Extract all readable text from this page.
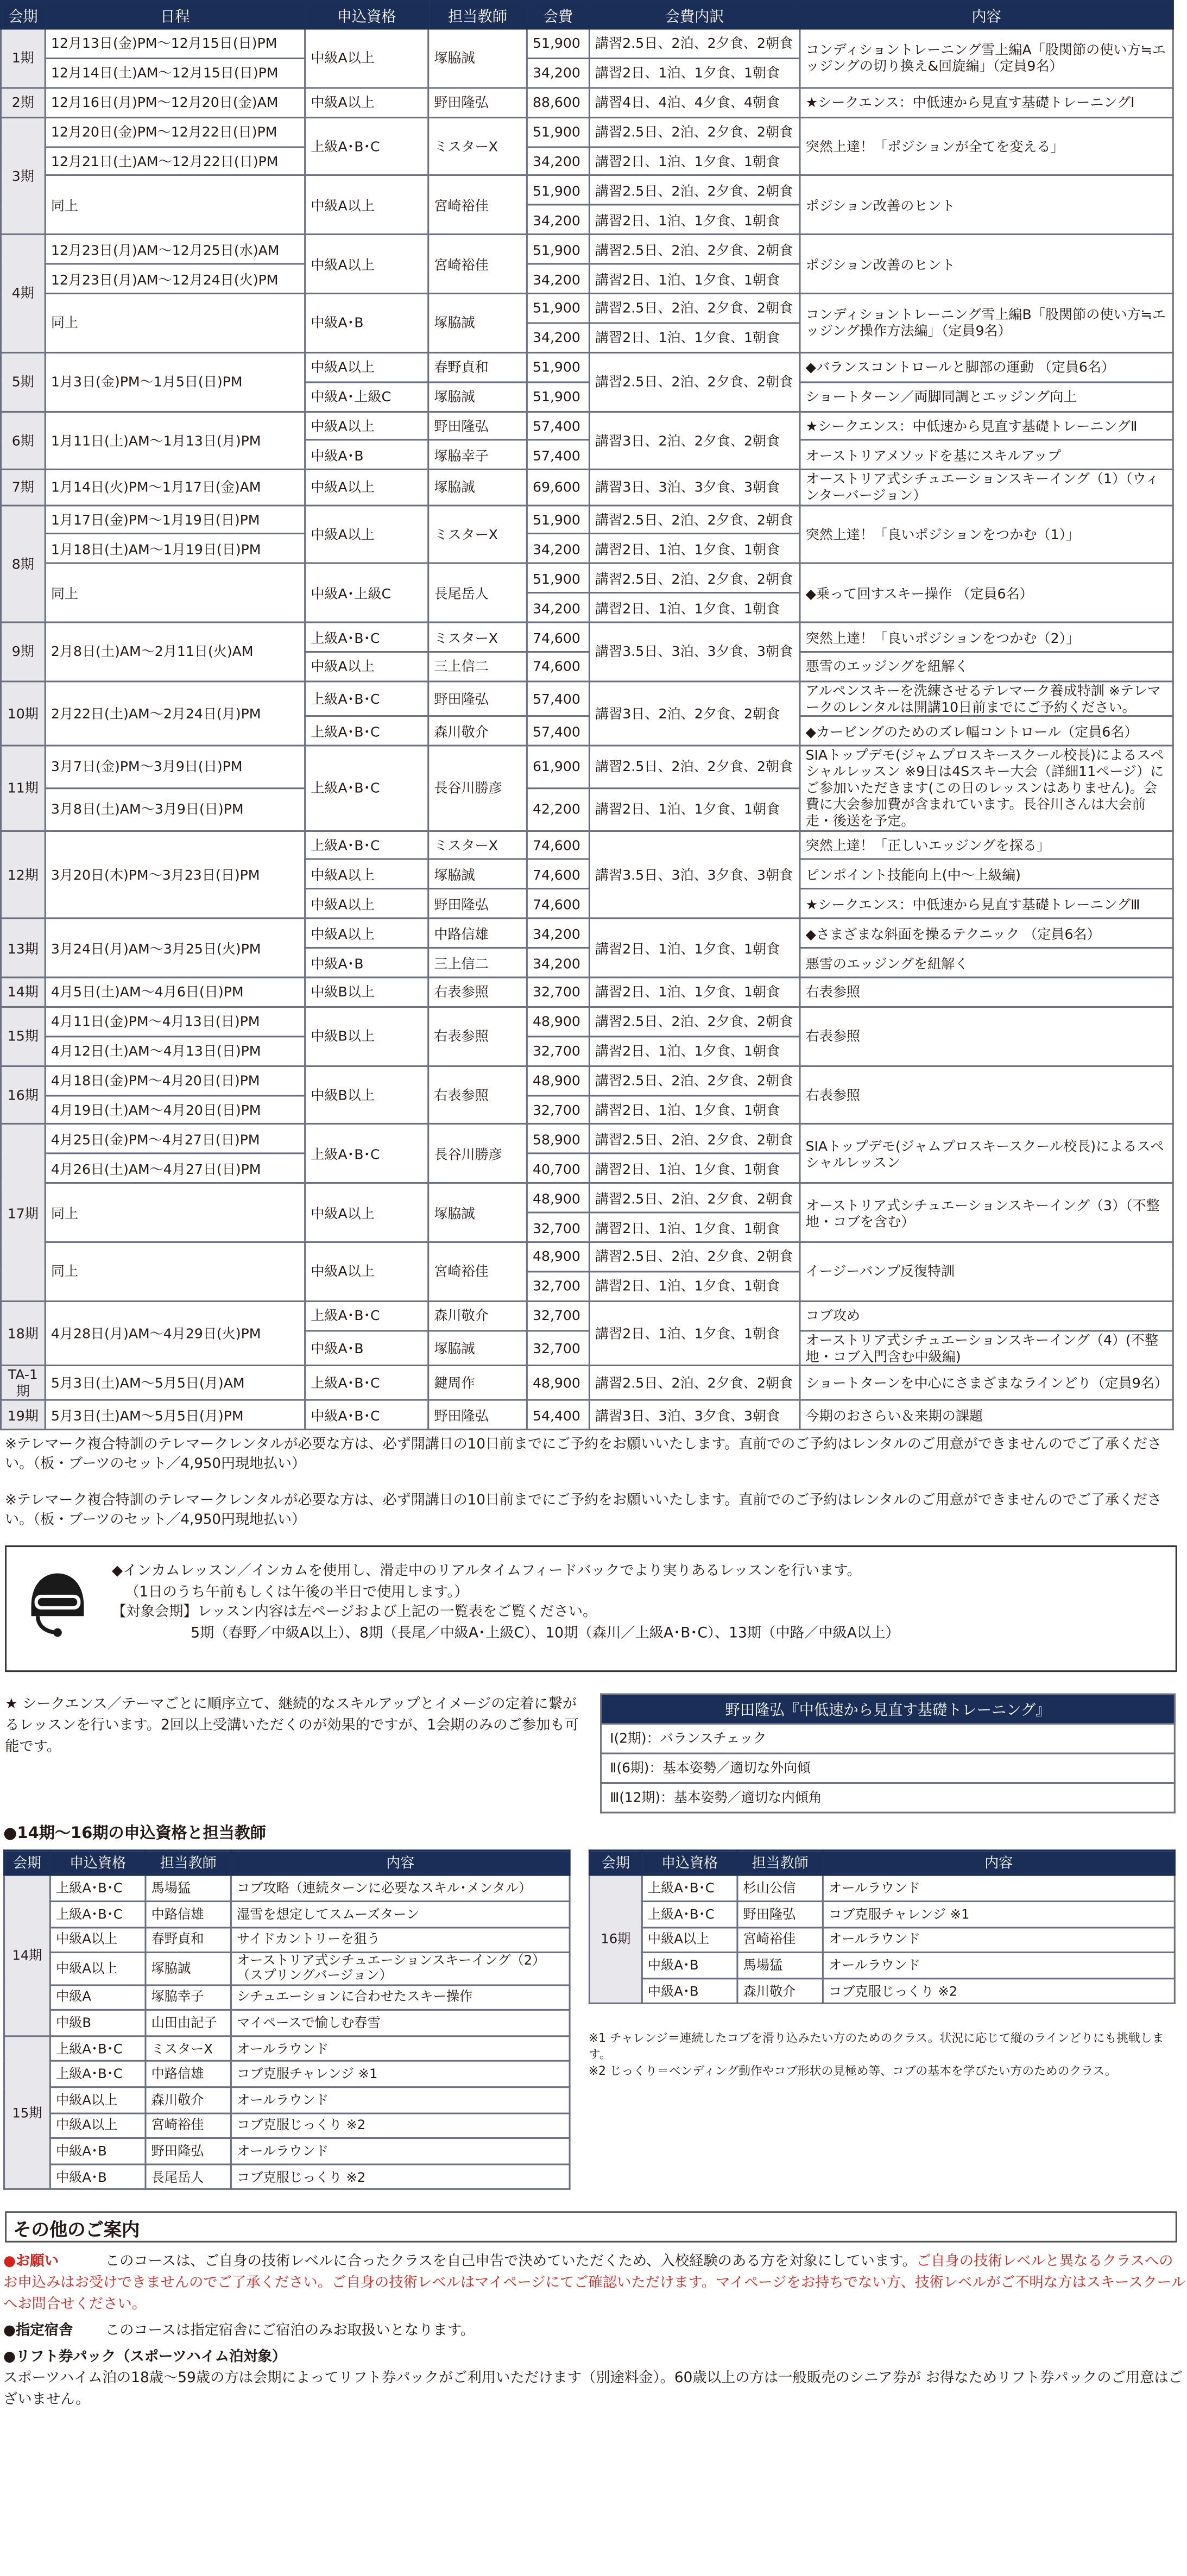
会期	日程	申込資格	担当教師	会費	会費内訳	内容
1期	12月13日(金)PM～12月15日(日)PM	中級A以上	塚脇誠	51,900	講習2.5日、2泊、2夕食、2朝食	コンディショントレーニング雪上編A「股関節の使い方≒エッジングの切り換え&回旋編」（定員9名）
	12月14日(土)AM～12月15日(日)PM			34,200	講習2日、1泊、1夕食、1朝食	
2期	12月16日(月)PM～12月20日(金)AM	中級A以上	野田隆弘	88,600	講習4日、4泊、4夕食、4朝食	★シークエンス：中低速から見直す基礎トレーニングⅠ
3期	12月20日(金)PM～12月22日(日)PM	上級A･B･C	ミスターX	51,900	講習2.5日、2泊、2夕食、2朝食	突然上達！「ポジションが全てを変える」
	12月21日(土)AM～12月22日(日)PM			34,200	講習2日、1泊、1夕食、1朝食	
	同上	中級A以上	宮崎裕佳	51,900	講習2.5日、2泊、2夕食、2朝食	ポジション改善のヒント
				34,200	講習2日、1泊、1夕食、1朝食	
4期	12月23日(月)AM～12月25日(水)AM	中級A以上	宮崎裕佳	51,900	講習2.5日、2泊、2夕食、2朝食	ポジション改善のヒント
	12月23日(月)AM～12月24日(火)PM			34,200	講習2日、1泊、1夕食、1朝食	
	同上	中級A･B	塚脇誠	51,900	講習2.5日、2泊、2夕食、2朝食	コンディショントレーニング雪上編B「股関節の使い方≒エッジング操作方法編」（定員9名）
				34,200	講習2日、1泊、1夕食、1朝食	
5期	1月3日(金)PM～1月5日(日)PM	中級A以上	春野貞和	51,900	講習2.5日、2泊、2夕食、2朝食	◆バランスコントロールと脚部の運動 （定員6名）
		中級A･上級C	塚脇誠	51,900		ショートターン／両脚同調とエッジング向上
6期	1月11日(土)AM～1月13日(月)PM	中級A以上	野田隆弘	57,400	講習3日、2泊、2夕食、2朝食	★シークエンス：中低速から見直す基礎トレーニングⅡ
		中級A･B	塚脇幸子	57,400		オーストリアメソッドを基にスキルアップ
7期	1月14日(火)PM～1月17日(金)AM	中級A以上	塚脇誠	69,600	講習3日、3泊、3夕食、3朝食	オーストリア式シチュエーションスキーイング（1）（ウィンターバージョン）
8期	1月17日(金)PM～1月19日(日)PM	中級A以上	ミスターX	51,900	講習2.5日、2泊、2夕食、2朝食	突然上達！「良いポジションをつかむ（1）」
	1月18日(土)AM～1月19日(日)PM			34,200	講習2日、1泊、1夕食、1朝食	
	同上	中級A･上級C	長尾岳人	51,900	講習2.5日、2泊、2夕食、2朝食	◆乗って回すスキー操作 （定員6名）
				34,200	講習2日、1泊、1夕食、1朝食	
9期	2月8日(土)AM～2月11日(火)AM	上級A･B･C	ミスターX	74,600	講習3.5日、3泊、3夕食、3朝食	突然上達！「良いポジションをつかむ（2）」
		中級A以上	三上信二	74,600		悪雪のエッジングを紐解く
10期	2月22日(土)AM～2月24日(月)PM	上級A･B･C	野田隆弘	57,400	講習3日、2泊、2夕食、2朝食	アルペンスキーを洗練させるテレマーク養成特訓 ※テレマークのレンタルは開講10日前までにご予約ください。
		上級A･B･C	森川敬介	57,400		◆カービングのためのズレ幅コントロール（定員6名）
11期	3月7日(金)PM～3月9日(日)PM	上級A･B･C	長谷川勝彦	61,900	講習2.5日、2泊、2夕食、2朝食	SIAトップデモ(ジャムプロスキースクール校長)によるスペシャルレッスン ※9日は4Sスキー大会（詳細11ページ）にご参加いただきます(この日のレッスンはありません)。会費に大会参加費が含まれています。長谷川さんは大会前走・後送を予定。
	3月8日(土)AM～3月9日(日)PM			42,200	講習2日、1泊、1夕食、1朝食	
12期	3月20日(木)PM～3月23日(日)PM	上級A･B･C	ミスターX	74,600	講習3.5日、3泊、3夕食、3朝食	突然上達！「正しいエッジングを探る」
		中級A以上	塚脇誠	74,600		ピンポイント技能向上(中～上級編)
		中級A以上	野田隆弘	74,600		★シークエンス：中低速から見直す基礎トレーニングⅢ
13期	3月24日(月)AM～3月25日(火)PM	中級A以上	中路信雄	34,200	講習2日、1泊、1夕食、1朝食	◆さまざまな斜面を操るテクニック （定員6名）
		中級A･B	三上信二	34,200		悪雪のエッジングを紐解く
14期	4月5日(土)AM～4月6日(日)PM	中級B以上	右表参照	32,700	講習2日、1泊、1夕食、1朝食	右表参照
15期	4月11日(金)PM～4月13日(日)PM	中級B以上	右表参照	48,900	講習2.5日、2泊、2夕食、2朝食	右表参照
	4月12日(土)AM～4月13日(日)PM			32,700	講習2日、1泊、1夕食、1朝食	
16期	4月18日(金)PM～4月20日(日)PM	中級B以上	右表参照	48,900	講習2.5日、2泊、2夕食、2朝食	右表参照
	4月19日(土)AM～4月20日(日)PM			32,700	講習2日、1泊、1夕食、1朝食	
17期	4月25日(金)PM～4月27日(日)PM	上級A･B･C	長谷川勝彦	58,900	講習2.5日、2泊、2夕食、2朝食	SIAトップデモ(ジャムプロスキースクール校長)によるスペシャルレッスン
	4月26日(土)AM～4月27日(日)PM			40,700	講習2日、1泊、1夕食、1朝食	
	同上	中級A以上	塚脇誠	48,900	講習2.5日、2泊、2夕食、2朝食	オーストリア式シチュエーションスキーイング（3）（不整地・コブを含む）
				32,700	講習2日、1泊、1夕食、1朝食	
	同上	中級A以上	宮崎裕佳	48,900	講習2.5日、2泊、2夕食、2朝食	イージーバンプ反復特訓
				32,700	講習2日、1泊、1夕食、1朝食	
18期	4月28日(月)AM～4月29日(火)PM	上級A･B･C	森川敬介	32,700	講習2日、1泊、1夕食、1朝食	コブ攻め
		中級A･B	塚脇誠	32,700		オーストリア式シチュエーションスキーイング（4）(不整地・コブ入門含む中級編)
TA-1期	5月3日(土)AM～5月5日(月)AM	上級A･B･C	鍵周作	48,900	講習2.5日、2泊、2夕食、2朝食	ショートターンを中心にさまざまなラインどり（定員9名）
19期	5月3日(土)AM～5月5日(月)PM	中級A･B･C	野田隆弘	54,400	講習3日、3泊、3夕食、3朝食	今期のおさらい＆来期の課題

※テレマーク複合特訓のテレマークレンタルが必要な方は、必ず開講日の10日前までにご予約をお願いいたします。直前でのご予約はレンタルのご用意ができませんのでご了承ください。（板・ブーツのセット／4,950円現地払い）

※テレマーク複合特訓のテレマークレンタルが必要な方は、必ず開講日の10日前までにご予約をお願いいたします。直前でのご予約はレンタルのご用意ができませんのでご了承ください。（板・ブーツのセット／4,950円現地払い）

◆インカムレッスン／インカムを使用し、滑走中のリアルタイムフィードバックでより実りあるレッスンを行います。
（1日のうち午前もしくは午後の半日で使用します。）
【対象会期】レッスン内容は左ページおよび上記の一覧表をご覧ください。
5期（春野／中級A以上）、8期（長尾／中級A･上級C）、10期（森川／上級A･B･C）、13期（中路／中級A以上）

★ シークエンス／テーマごとに順序立て、継続的なスキルアップとイメージの定着に繋がるレッスンを行います。2回以上受講いただくのが効果的ですが、1会期のみのご参加も可能です。

野田隆弘『中低速から見直す基礎トレーニング』
Ⅰ(2期)：バランスチェック
Ⅱ(6期)：基本姿勢／適切な外向傾
Ⅲ(12期)：基本姿勢／適切な内傾角
●14期～16期の申込資格と担当教師
会期	申込資格	担当教師	内容
14期	上級A･B･C	馬場猛	コブ攻略（連続ターンに必要なスキル･メンタル）
	上級A･B･C	中路信雄	湿雪を想定してスムーズターン
	中級A以上	春野貞和	サイドカントリーを狙う
	中級A以上	塚脇誠	オーストリア式シチュエーションスキーイング（2）（スプリングバージョン）
	中級A	塚脇幸子	シチュエーションに合わせたスキー操作
	中級B	山田由記子	マイペースで愉しむ春雪
15期	上級A･B･C	ミスターX	オールラウンド
	上級A･B･C	中路信雄	コブ克服チャレンジ ※1
	中級A以上	森川敬介	オールラウンド
	中級A以上	宮崎裕佳	コブ克服じっくり ※2
	中級A･B	野田隆弘	オールラウンド
	中級A･B	長尾岳人	コブ克服じっくり ※2
会期	申込資格	担当教師	内容
16期	上級A･B･C	杉山公信	オールラウンド
	上級A･B･C	野田隆弘	コブ克服チャレンジ ※1
	中級A以上	宮崎裕佳	オールラウンド
	中級A･B	馬場猛	オールラウンド
	中級A･B	森川敬介	コブ克服じっくり ※2
※1 チャレンジ＝連続したコブを滑り込みたい方のためのクラス。状況に応じて縦のラインどりにも挑戦します。
※2 じっくり＝ベンディング動作やコブ形状の見極め等、コブの基本を学びたい方のためのクラス。
その他のご案内
●お願い	このコースは、ご自身の技術レベルに合ったクラスを自己申告で決めていただくため、入校経験のある方を対象にしています。ご自身の技術レベルと異なるクラスへのお申込みはお受けできませんのでご了承ください。ご自身の技術レベルはマイページにてご確認いただけます。マイページをお持ちでない方、技術レベルがご不明な方はスキースクールへお問合せください。
●指定宿舎	このコースは指定宿舎にご宿泊のみお取扱いとなります。
●リフト券パック（スポーツハイム泊対象）
スポーツハイム泊の18歳～59歳の方は会期によってリフト券パックがご利用いただけます（別途料金）。60歳以上の方は一般販売のシニア券が お得なためリフト券パックのご用意はございません。
